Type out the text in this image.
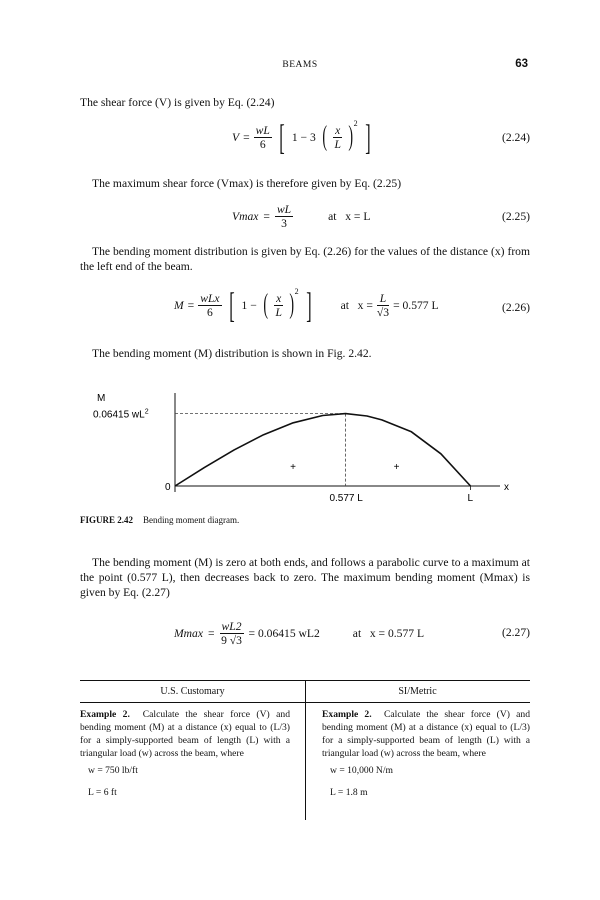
BEAMS	63
The shear force (V) is given by Eq. (2.24)
$V = \frac{wL}{6}$ [ 1 − 3 ( $\frac{x}{L} )^2$ ]	(2.24)
The maximum shear force (Vmax) is therefore given by Eq. (2.25)
$Vmax = \frac{wL}{3}$	at   x = L	(2.25)
The bending moment distribution is given by Eq. (2.26) for the values of the distance (x) from the left end of the beam.
$M = \frac{\text{wLx}}{6}$ [ 1 − ( $\frac{x}{L} )^2$ ]	at   $x = \frac{L}{√3} = 0.577$ L	(2.26)
The bending moment (M) distribution is shown in Fig. 2.42.
M
x
0.06415 $wL^2$
0
0.577 L	L
+	+
FIGURE 2.42 Bending moment diagram.
The bending moment (M) is zero at both ends, and follows a parabolic curve to a maximum at the point (0.577 L), then decreases back to zero. The maximum bending moment (Mmax) is given by Eq. (2.27)
$Mmax = \frac{wL2}{9 √3} = 0.06415$ wL2	at   x = 0.577 L	(2.27)
U.S. Customary	SI/Metric
Example 2. Calculate the shear force (V) and bending moment (M) at a distance (x) equal to (L/3) for a simply-supported beam of length (L) with a triangular load (w) across the beam, where
w = 750 lb/ft
L = 6 ft
Example 2. Calculate the shear force (V) and bending moment (M) at a distance (x) equal to (L/3) for a simply-supported beam of length (L) with a triangular load (w) across the beam, where
w = 10,000 N/m
L = 1.8 m
